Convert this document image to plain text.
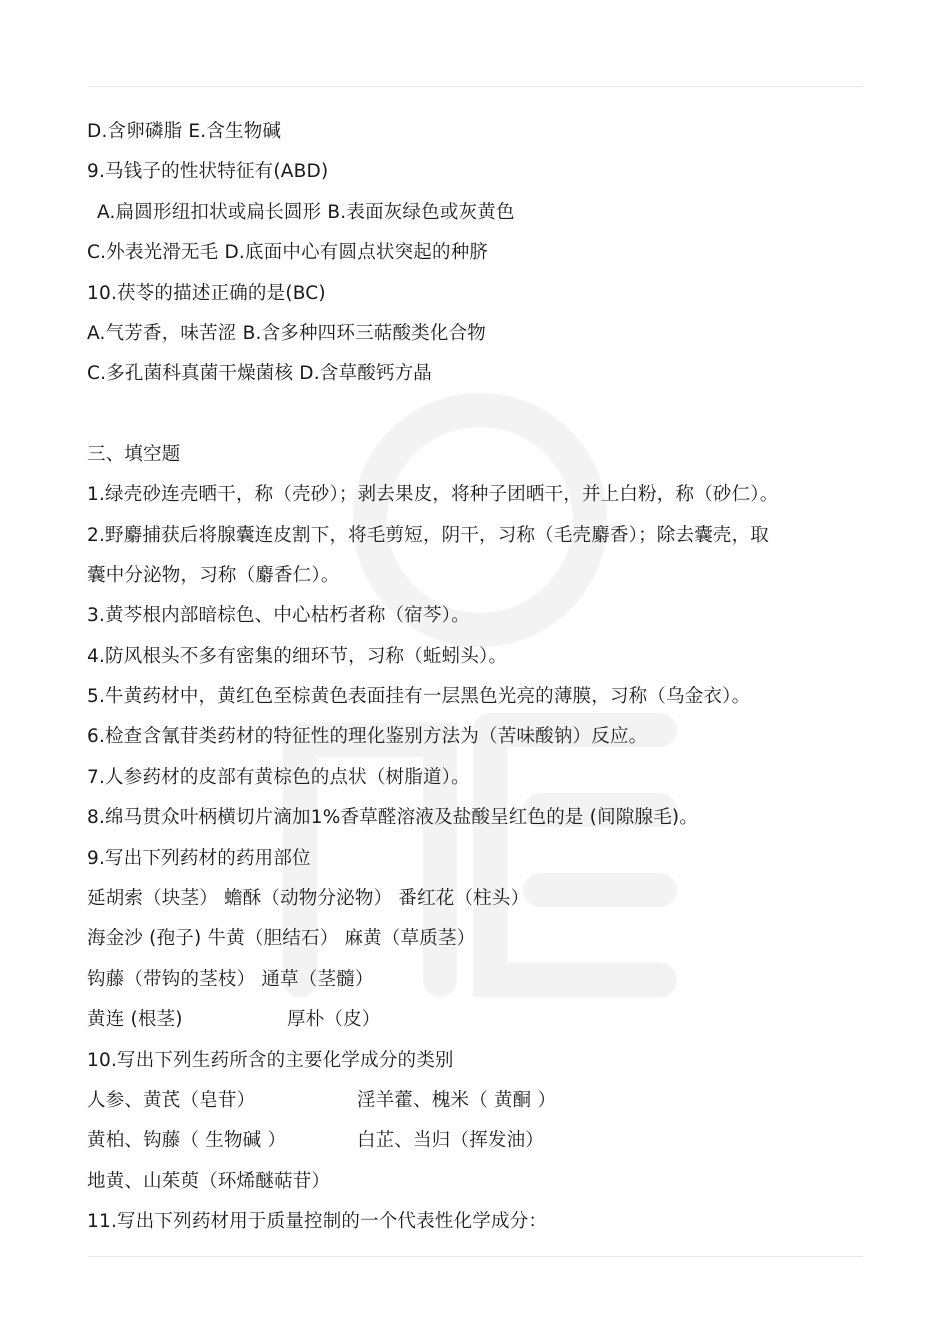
D.含卵磷脂 E.含生物碱
9.马钱子的性状特征有(ABD)
A.扁圆形纽扣状或扁长圆形 B.表面灰绿色或灰黄色
C.外表光滑无毛 D.底面中心有圆点状突起的种脐
10.茯苓的描述正确的是(BC)
A.气芳香，味苦涩 B.含多种四环三萜酸类化合物
C.多孔菌科真菌干燥菌核 D.含草酸钙方晶
三、填空题
1.绿壳砂连壳晒干，称（壳砂）；剥去果皮，将种子团晒干，并上白粉，称（砂仁）。
2.野麝捕获后将腺囊连皮割下，将毛剪短，阴干，习称（毛壳麝香）；除去囊壳，取
囊中分泌物，习称（麝香仁）。
3.黄芩根内部暗棕色、中心枯朽者称（宿芩）。
4.防风根头不多有密集的细环节，习称（蚯蚓头）。
5.牛黄药材中，黄红色至棕黄色表面挂有一层黑色光亮的薄膜，习称（乌金衣）。
6.检查含氰苷类药材的特征性的理化鉴别方法为（苦味酸钠）反应。
7.人参药材的皮部有黄棕色的点状（树脂道）。
8.绵马贯众叶柄横切片滴加1%香草醛溶液及盐酸呈红色的是 (间隙腺毛)。
9.写出下列药材的药用部位
延胡索（块茎） 蟾酥（动物分泌物） 番红花（柱头）
海金沙 (孢子) 牛黄（胆结石） 麻黄（草质茎）
钩藤（带钩的茎枝） 通草（茎髓）
黄连 (根茎)	厚朴（皮）
10.写出下列生药所含的主要化学成分的类别
人参、黄芪（皂苷）	淫羊藿、槐米（ 黄酮 ）
黄柏、钩藤（ 生物碱 ）	白芷、当归（挥发油）
地黄、山茱萸（环烯醚萜苷）
11.写出下列药材用于质量控制的一个代表性化学成分：
